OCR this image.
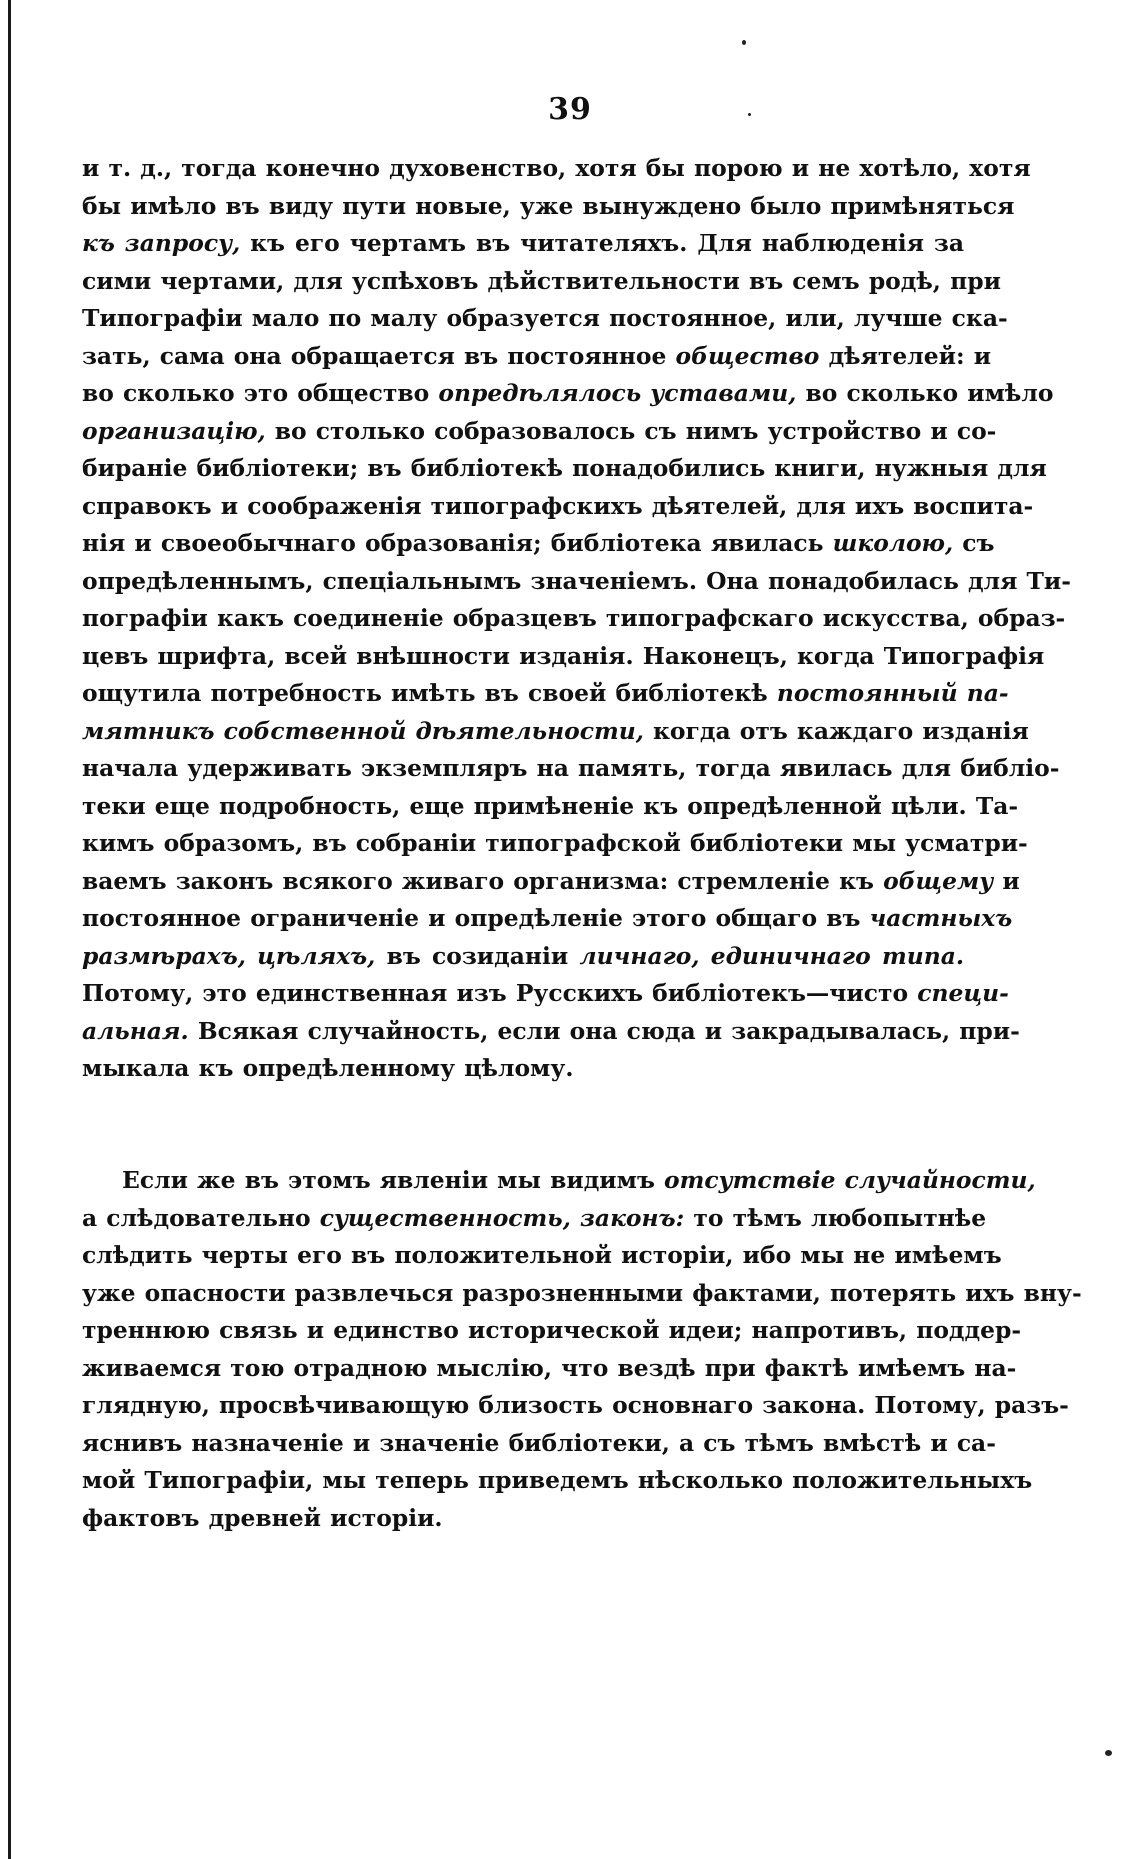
39

и т. д., тогда конечно духовенство, хотя бы порою и не хотѣло, хотя
бы имѣло въ виду пути новые, уже вынуждено было примѣняться
къ запросу, къ его чертамъ въ читателяхъ. Для наблюденія за
сими чертами, для успѣховъ дѣйствительности въ семъ родѣ, при
Типографіи мало по малу образуется постоянное, или, лучше ска-
зать, сама она обращается въ постоянное общество дѣятелей: и
во сколько это общество опредѣлялось уставами, во сколько имѣло
организацію, во столько собразовалось съ нимъ устройство и со-
бираніе библіотеки; въ библіотекѣ понадобились книги, нужныя для
справокъ и соображенія типографскихъ дѣятелей, для ихъ воспита-
нія и своеобычнаго образованія; библіотека явилась школою, съ
опредѣленнымъ, спеціальнымъ значеніемъ. Она понадобилась для Ти-
пографіи какъ соединеніе образцевъ типографскаго искусства, образ-
цевъ шрифта, всей внѣшности изданія. Наконецъ, когда Типографія
ощутила потребность имѣть въ своей библіотекѣ постоянный па-
мятникъ собственной дѣятельности, когда отъ каждаго изданія
начала удерживать экземпляръ на память, тогда явилась для библіо-
теки еще подробность, еще примѣненіе къ опредѣленной цѣли. Та-
кимъ образомъ, въ собраніи типографской библіотеки мы усматри-
ваемъ законъ всякого живаго организма: стремленіе къ общему и
постоянное ограниченіе и опредѣленіе этого общаго въ частныхъ
размѣрахъ, цѣляхъ, въ созиданіи личнаго, единичнаго типа.
Потому, это единственная изъ Русскихъ библіотекъ—чисто специ-
альная. Всякая случайность, если она сюда и закрадывалась, при-
мыкала къ опредѣленному цѣлому.

Если же въ этомъ явленіи мы видимъ отсутствіе случайности,
а слѣдовательно существенность, законъ: то тѣмъ любопытнѣе
слѣдить черты его въ положительной исторіи, ибо мы не имѣемъ
уже опасности развлечься разрозненными фактами, потерять ихъ вну-
треннюю связь и единство исторической идеи; напротивъ, поддер-
живаемся тою отрадною мыслію, что вездѣ при фактѣ имѣемъ на-
глядную, просвѣчивающую близость основнаго закона. Потому, разъ-
яснивъ назначеніе и значеніе библіотеки, а съ тѣмъ вмѣстѣ и са-
мой Типографіи, мы теперь приведемъ нѣсколько положительныхъ
фактовъ древней исторіи.
